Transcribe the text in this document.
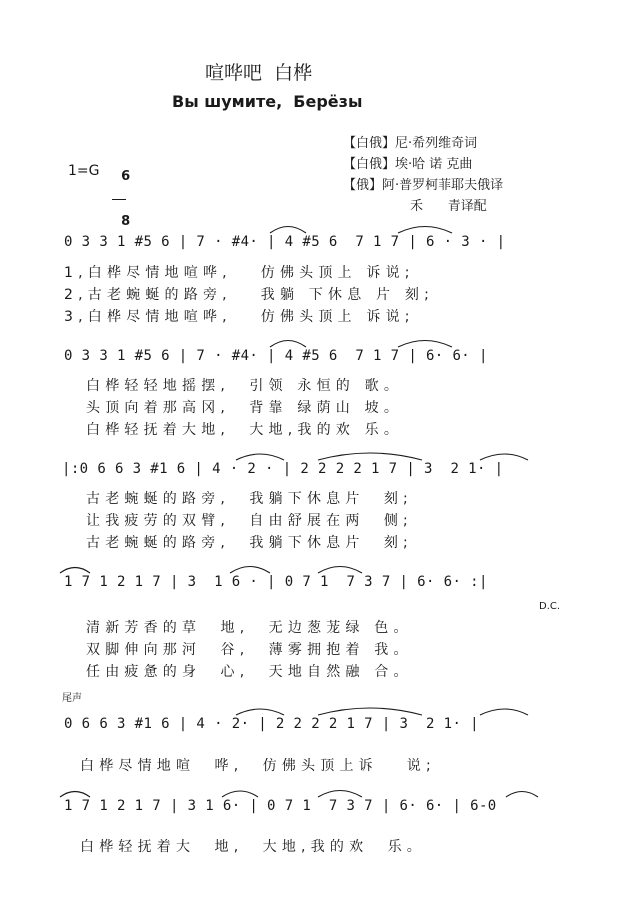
喧哗吧  白桦
Вы шумите,  Берёзы
1=G	6

8

【白俄】尼·希列维奇词
【白俄】埃·哈 诺 克曲
【俄】阿·普罗柯菲耶夫俄译
禾      青译配
0 3 3 1 #5 6 | 7 · #4· | 4 #5 6  7 1 7 | 6 · 3 · |
1,白桦尽情地喧哗,   仿佛头顶上 诉说;
2,古老蜿蜒的路旁,   我躺 下休息 片 刻;
3,白桦尽情地喧哗,   仿佛头顶上 诉说;
0 3 3 1 #5 6 | 7 · #4· | 4 #5 6  7 1 7 | 6· 6· |
白桦轻轻地摇摆,  引领 永恒的 歌。
头顶向着那高冈,  背靠 绿荫山 坡。
白桦轻抚着大地,  大地,我的欢 乐。
|:0 6 6 3 #1 6 | 4 · 2 · | 2 2 2 2 1 7 | 3  2 1· |
古老蜿蜒的路旁,  我躺下休息片  刻;
让我疲劳的双臂,  自由舒展在两  侧;
古老蜿蜒的路旁,  我躺下休息片  刻;
1 7 1 2 1 7 | 3  1 6 · | 0 7 1  7 3 7 | 6· 6· :|
D.C.
清新芳香的草  地,  无边葱茏绿 色。
双脚伸向那河  谷,  薄雾拥抱着 我。
任由疲惫的身  心,  天地自然融 合。
尾声
0 6 6 3 #1 6 | 4 · 2· | 2 2 2 2 1 7 | 3  2 1· |
白桦尽情地喧  哗,  仿佛头顶上诉   说;
1 7 1 2 1 7 | 3 1 6· | 0 7 1  7 3 7 | 6· 6· | 6-0
白桦轻抚着大  地,  大地,我的欢  乐。
